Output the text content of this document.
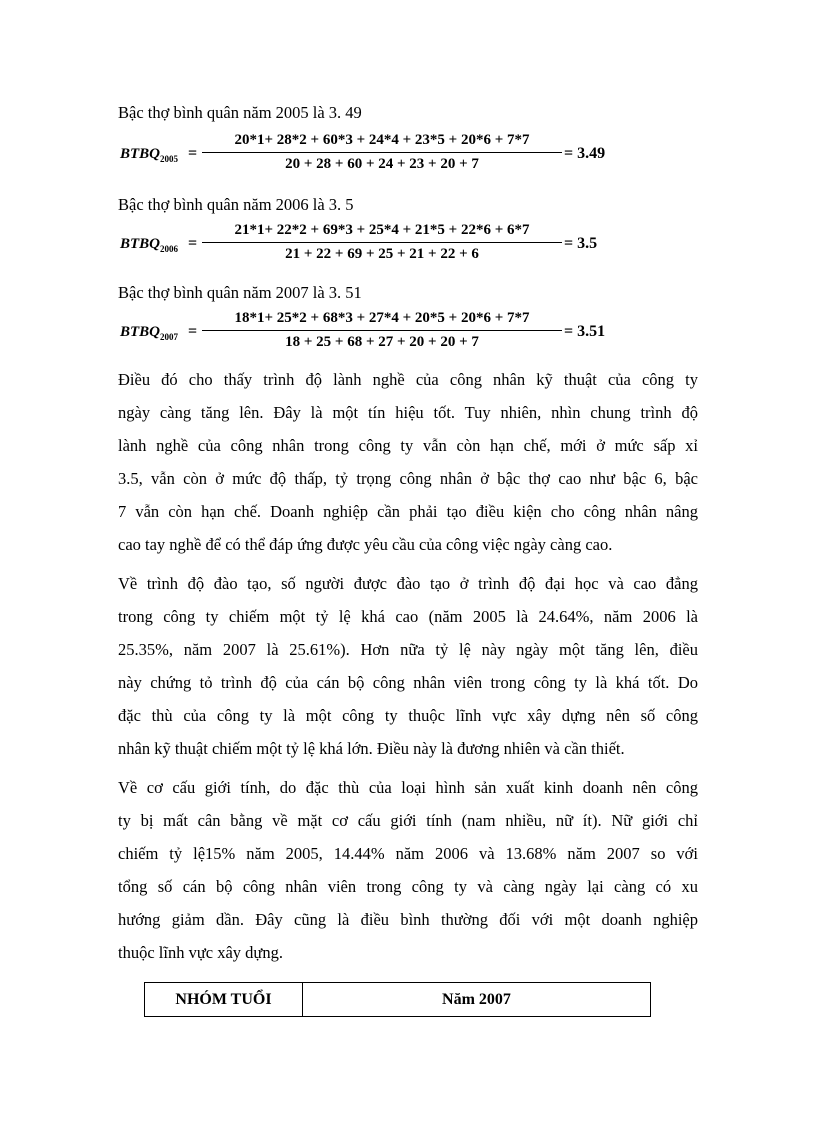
Bậc thợ bình quân năm 2005 là 3. 49
$BTBQ_{2005}$ =
20*1+ 28*2 + 60*3 + 24*4 + 23*5 + 20*6 + 7*7
20 + 28 + 60 + 24 + 23 + 20 + 7
= 3.49
Bậc thợ bình quân năm 2006 là 3. 5
$BTBQ_{2006}$ =
21*1+ 22*2 + 69*3 + 25*4 + 21*5 + 22*6 + 6*7
21 + 22 + 69 + 25 + 21 + 22 + 6
= 3.5
Bậc thợ bình quân năm 2007 là 3. 51
$BTBQ_{2007}$ =
18*1+ 25*2 + 68*3 + 27*4 + 20*5 + 20*6 + 7*7
18 + 25 + 68 + 27 + 20 + 20 + 7
= 3.51
Điều đó cho thấy trình độ lành nghề của công nhân kỹ thuật của công ty
ngày càng tăng lên. Đây là một tín hiệu tốt. Tuy nhiên, nhìn chung trình độ
lành nghề của công nhân trong công ty vẫn còn hạn chế, mới ở mức sấp xỉ
3.5, vẫn còn ở mức độ thấp, tỷ trọng công nhân ở bậc thợ cao như bậc 6, bậc
7 vẫn còn hạn chế. Doanh nghiệp cần phải tạo điều kiện cho công nhân nâng
cao tay nghề để có thể đáp ứng được yêu cầu của công việc ngày càng cao.
Về trình độ đào tạo, số người được đào tạo ở trình độ đại học và cao đẳng
trong công ty chiếm một tỷ lệ khá cao (năm 2005 là 24.64%, năm 2006 là
25.35%, năm 2007 là 25.61%). Hơn nữa tỷ lệ này ngày một tăng lên, điều
này chứng tỏ trình độ của cán bộ công nhân viên trong công ty là khá tốt. Do
đặc thù của công ty là một công ty thuộc lĩnh vực xây dựng nên số công
nhân kỹ thuật chiếm một tỷ lệ khá lớn. Điều này là đương nhiên và cần thiết.
Về cơ cấu giới tính, do đặc thù của loại hình sản xuất kinh doanh nên công
ty bị mất cân bằng về mặt cơ cấu giới tính (nam nhiều, nữ ít). Nữ giới chỉ
chiếm tỷ lệ15% năm 2005, 14.44% năm 2006 và 13.68% năm 2007 so với
tổng số cán bộ công nhân viên trong công ty và càng ngày lại càng có xu
hướng giảm dần. Đây cũng là điều bình thường đối với một doanh nghiệp
thuộc lĩnh vực xây dựng.
NHÓM TUỔI	Năm 2007
